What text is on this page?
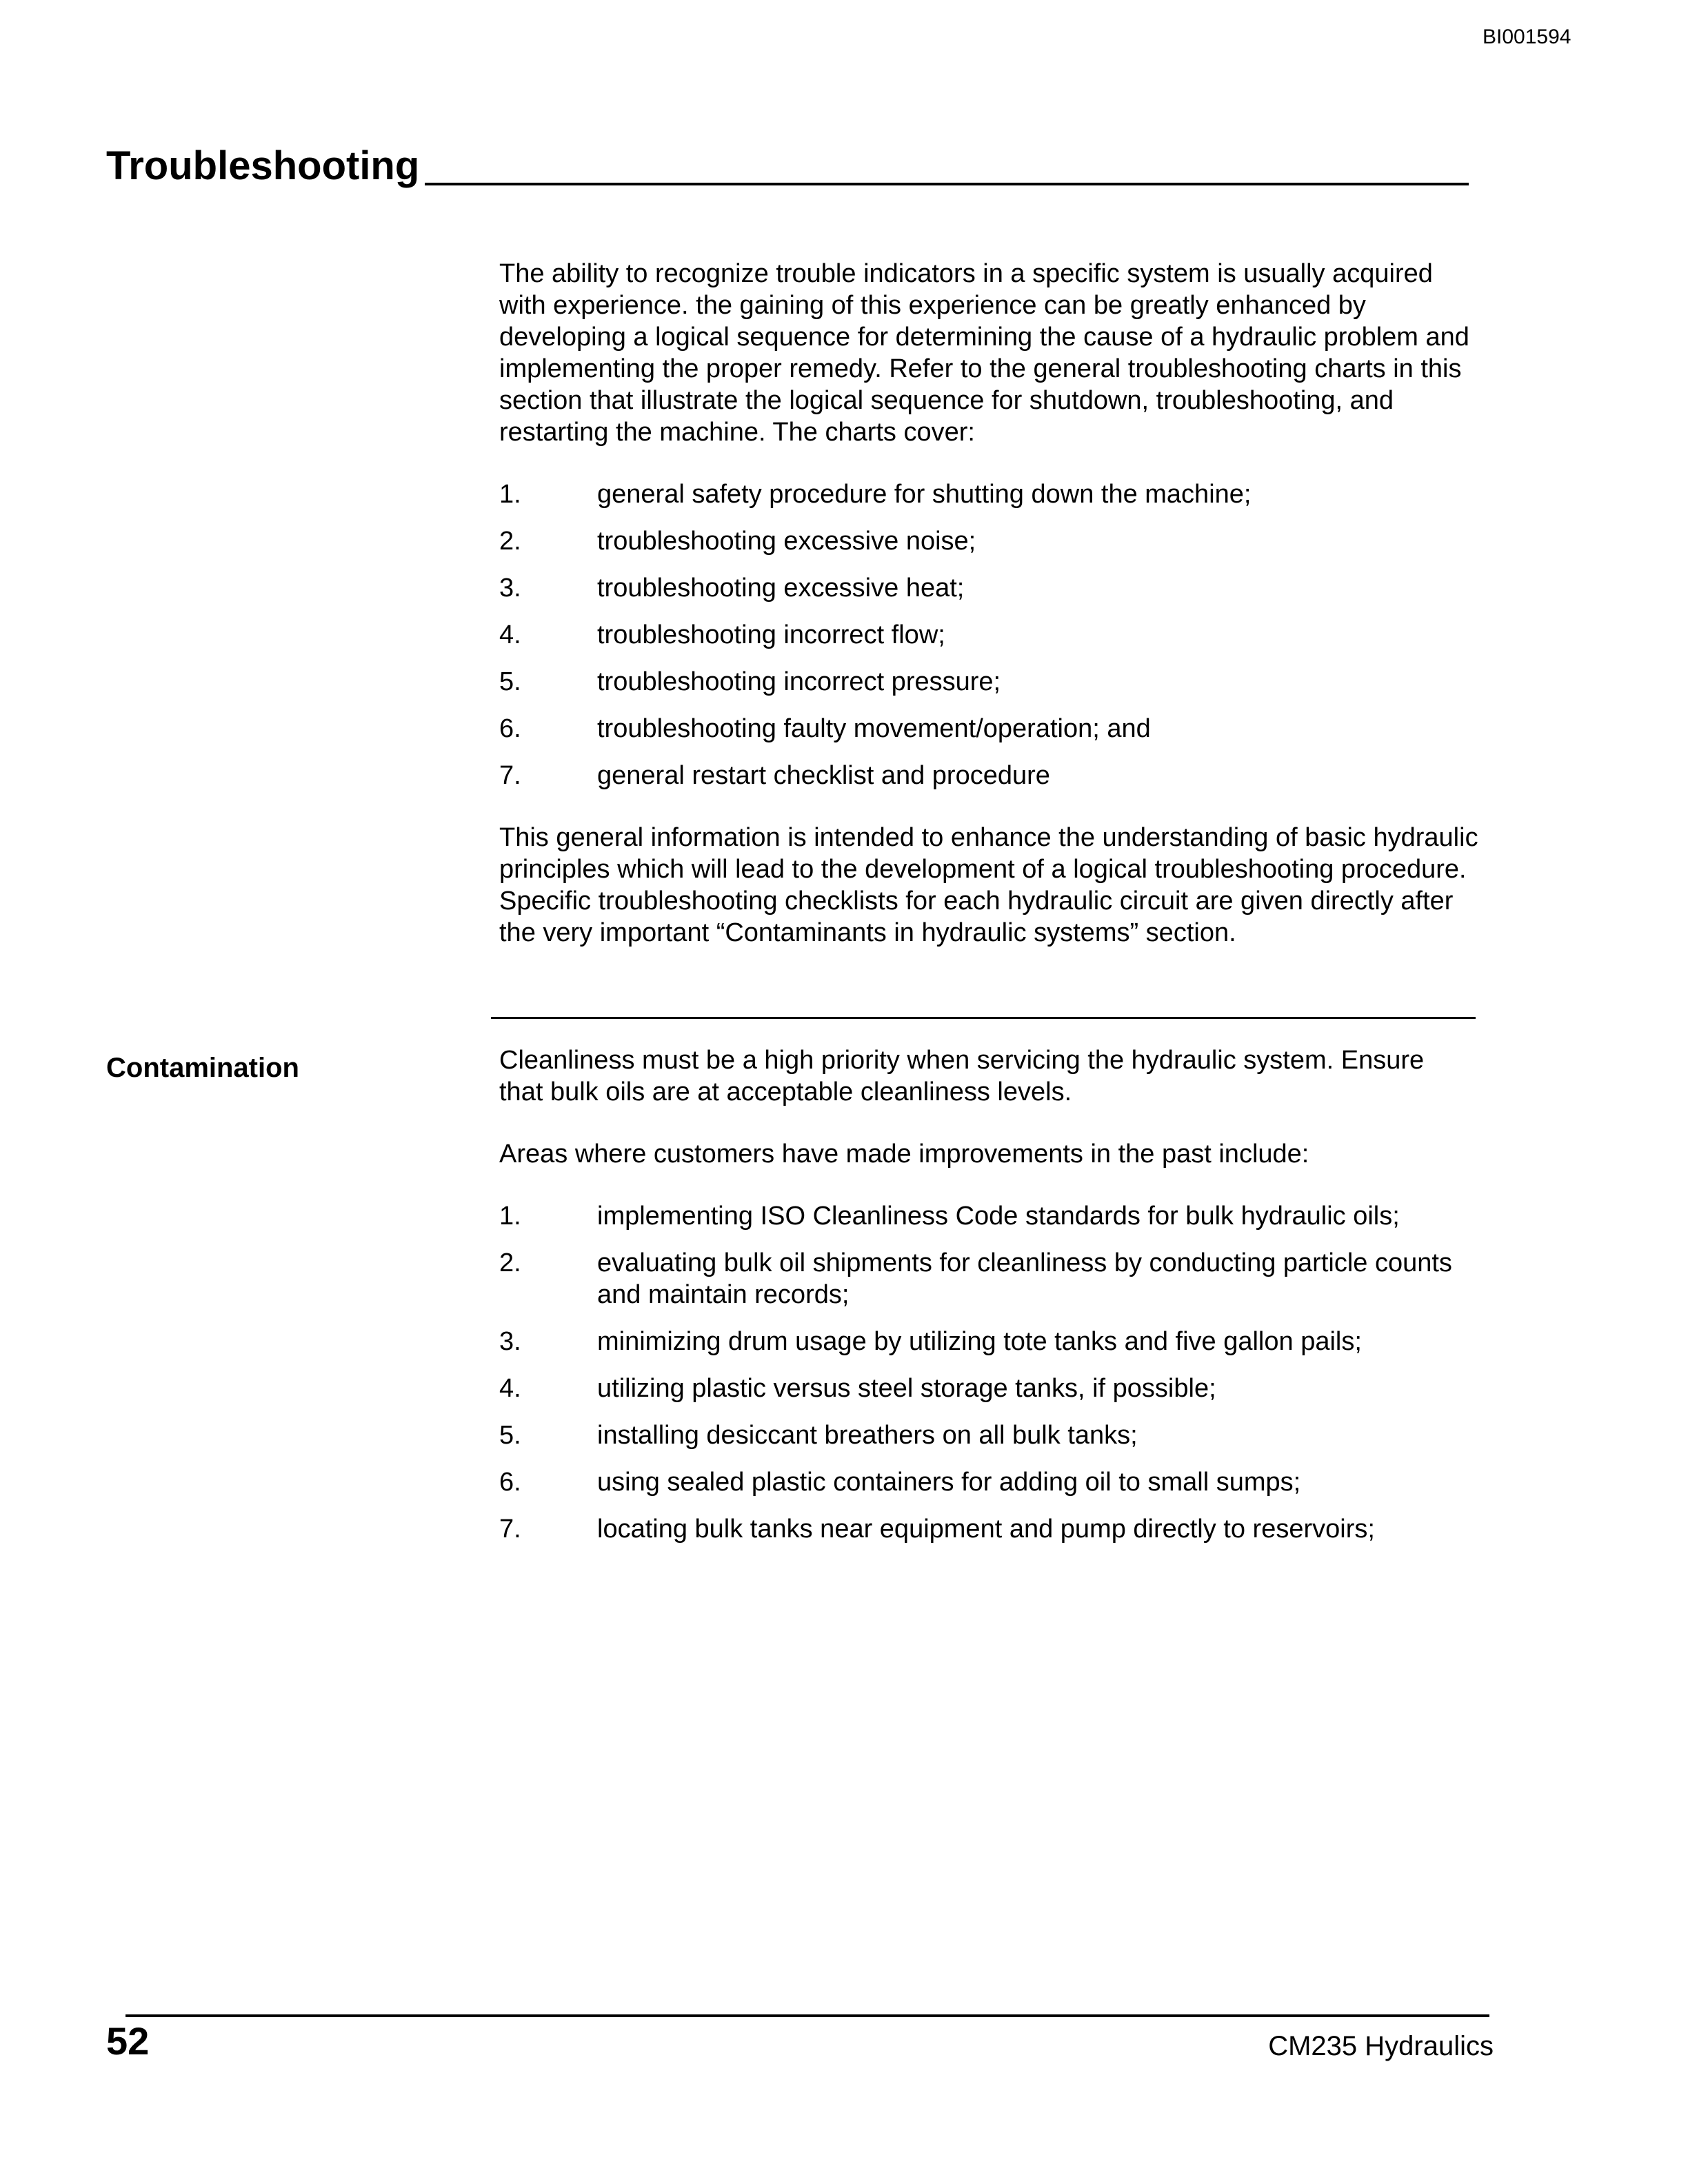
BI001594
Troubleshooting

The ability to recognize trouble indicators in a specific system is usually acquired with experience. the gaining of this experience can be greatly enhanced by developing a logical sequence for determining the cause of a hydraulic problem and implementing the proper remedy. Refer to the general troubleshooting charts in this section that illustrate the logical sequence for shutdown, troubleshooting, and restarting the machine. The charts cover:

1.	general safety procedure for shutting down the machine;
2.	troubleshooting excessive noise;
3.	troubleshooting excessive heat;
4.	troubleshooting incorrect flow;
5.	troubleshooting incorrect pressure;
6.	troubleshooting faulty movement/operation; and
7.	general restart checklist and procedure

This general information is intended to enhance the understanding of basic hydraulic principles which will lead to the development of a logical troubleshooting procedure. Specific troubleshooting checklists for each hydraulic circuit are given directly after the very important “Contaminants in hydraulic systems” section.

Contamination	Cleanliness must be a high priority when servicing the hydraulic system. Ensure that bulk oils are at acceptable cleanliness levels.

Areas where customers have made improvements in the past include:

1.	implementing ISO Cleanliness Code standards for bulk hydraulic oils;
2.	evaluating bulk oil shipments for cleanliness by conducting particle counts and maintain records;
3.	minimizing drum usage by utilizing tote tanks and five gallon pails;
4.	utilizing plastic versus steel storage tanks, if possible;
5.	installing desiccant breathers on all bulk tanks;
6.	using sealed plastic containers for adding oil to small sumps;
7.	locating bulk tanks near equipment and pump directly to reservoirs;
52	CM235 Hydraulics
